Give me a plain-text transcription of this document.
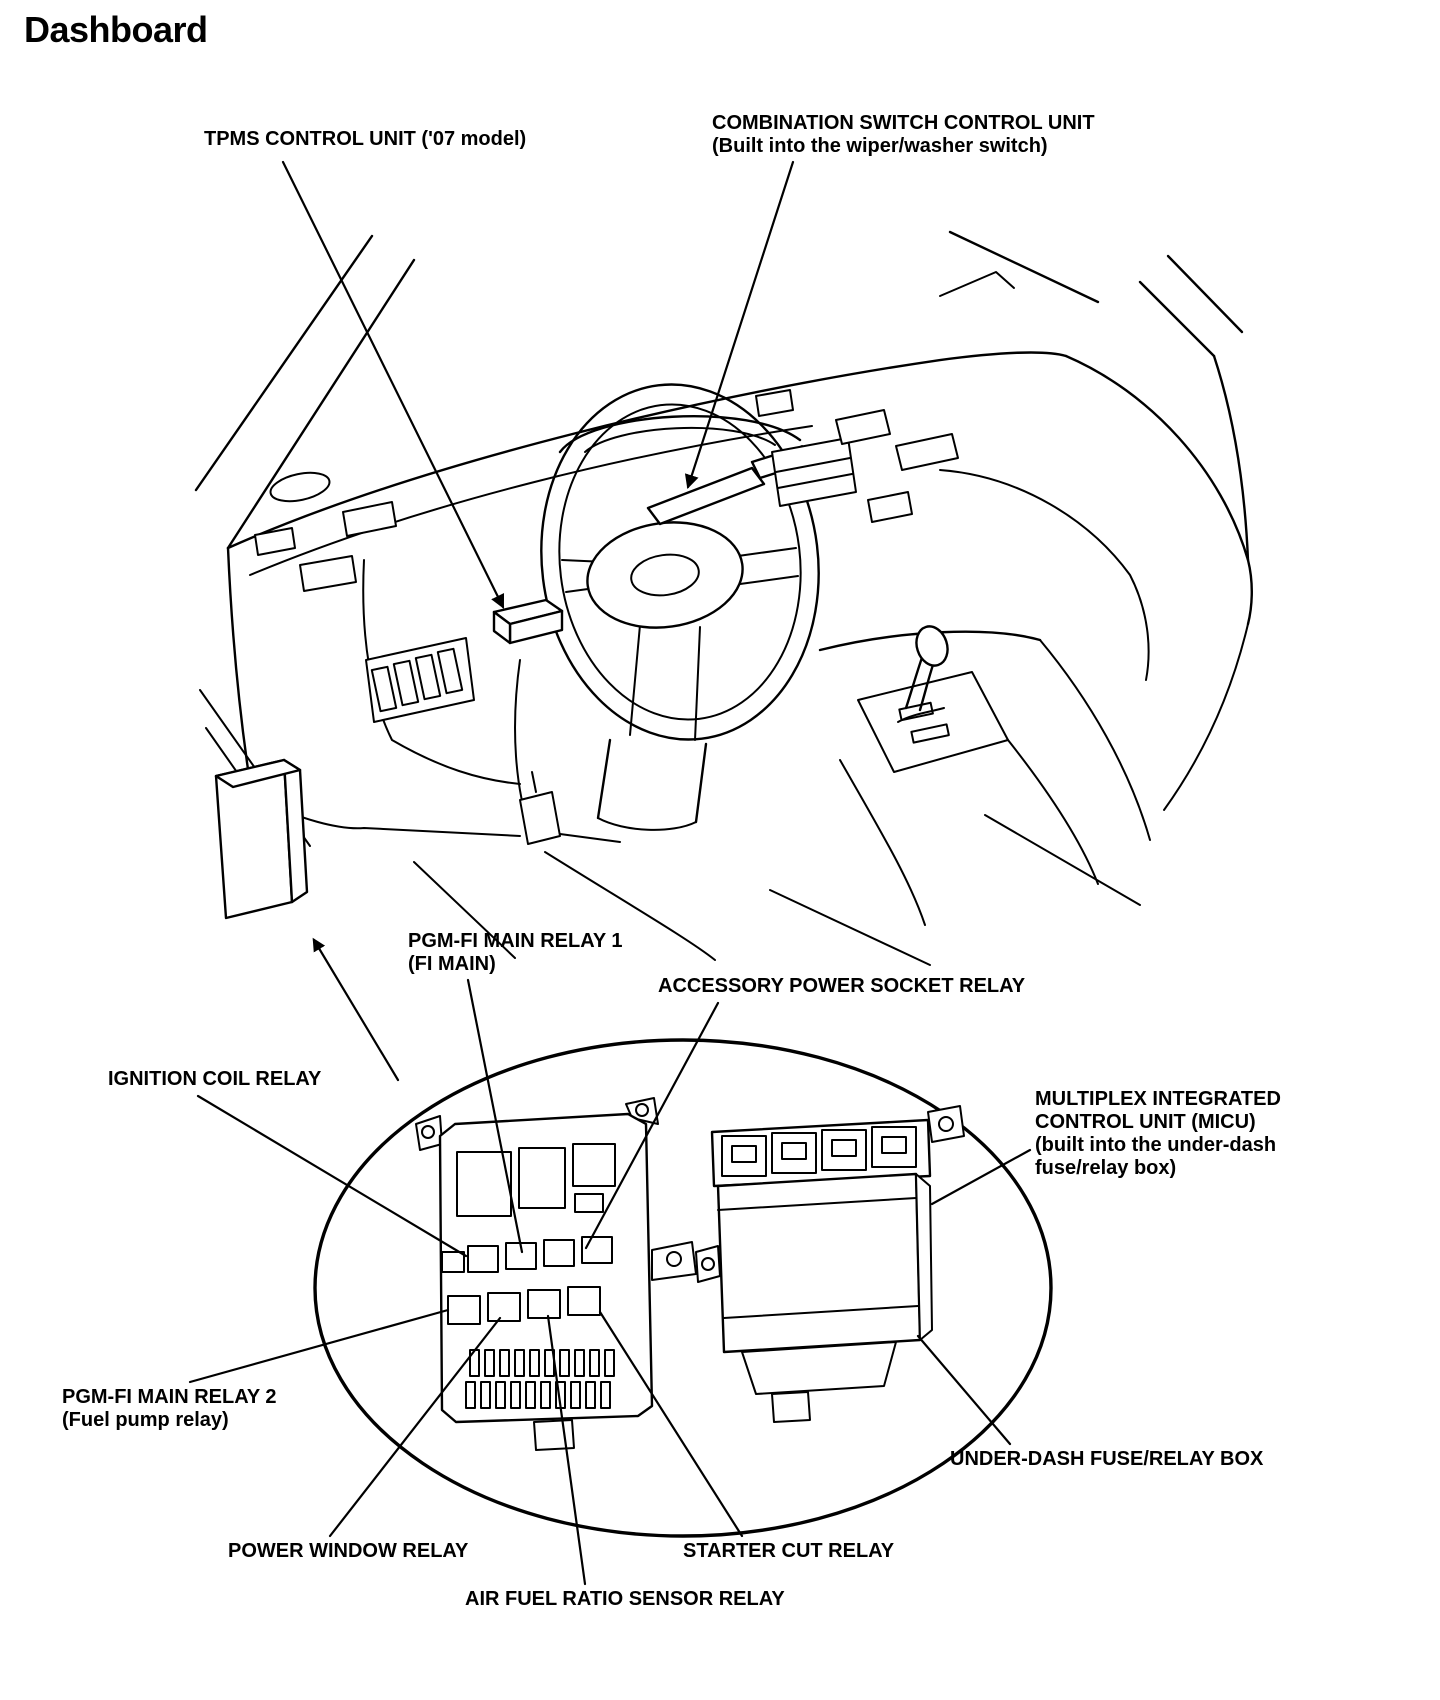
Dashboard
TPMS CONTROL UNIT ('07 model)
COMBINATION SWITCH CONTROL UNIT
(Built into the wiper/washer switch)
PGM-FI MAIN RELAY 1
(FI MAIN)
ACCESSORY POWER SOCKET RELAY
IGNITION COIL RELAY
MULTIPLEX INTEGRATED
CONTROL UNIT (MICU)
(built into the under-dash
fuse/relay box)
PGM-FI MAIN RELAY 2
(Fuel pump relay)
POWER WINDOW RELAY	STARTER CUT RELAY
AIR FUEL RATIO SENSOR RELAY
UNDER-DASH FUSE/RELAY BOX
